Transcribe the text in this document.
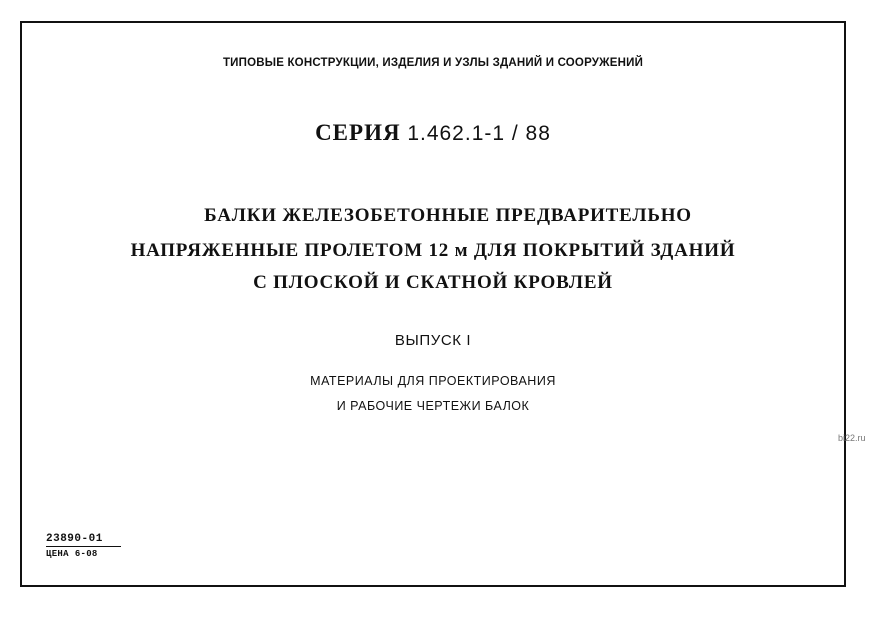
ТИПОВЫЕ КОНСТРУКЦИИ, ИЗДЕЛИЯ И УЗЛЫ ЗДАНИЙ И СООРУЖЕНИЙ
СЕРИЯ 1.462.1-1 / 88
БАЛКИ ЖЕЛЕЗОБЕТОННЫЕ ПРЕДВАРИТЕЛЬНО
НАПРЯЖЕННЫЕ ПРОЛЕТОМ 12 м ДЛЯ ПОКРЫТИЙ ЗДАНИЙ
С ПЛОСКОЙ И СКАТНОЙ КРОВЛЕЙ
ВЫПУСК I
МАТЕРИАЛЫ ДЛЯ ПРОЕКТИРОВАНИЯ
И РАБОЧИЕ ЧЕРТЕЖИ БАЛОК
bi22.ru
23890-01
ЦЕНА 6-08
